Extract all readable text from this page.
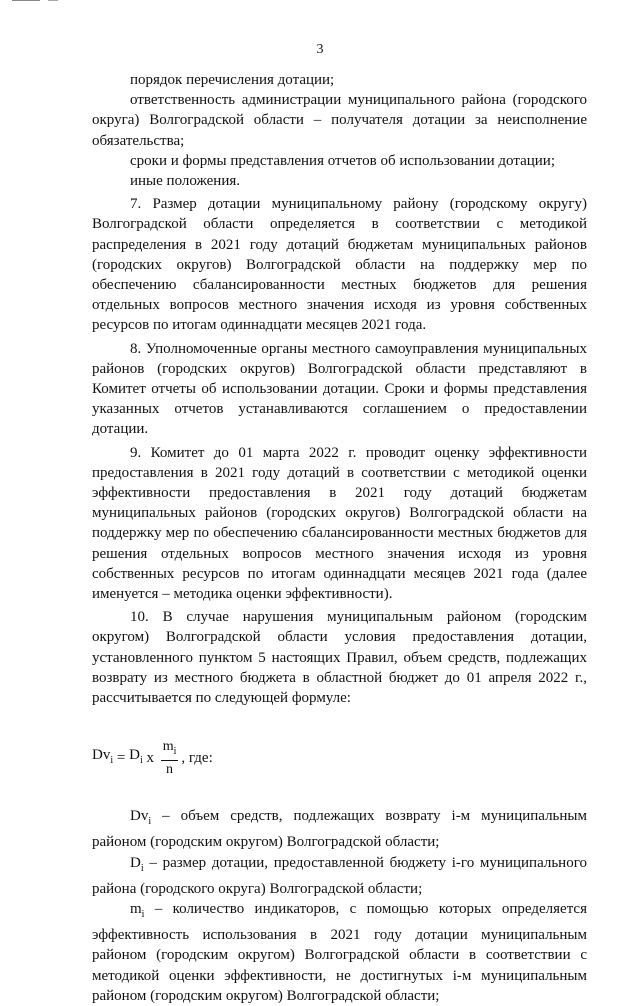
3

порядок перечисления дотации;

ответственность администрации муниципального района (городского округа) Волгоградской области – получателя дотации за неисполнение обязательства;

сроки и формы представления отчетов об использовании дотации;

иные положения.

7. Размер дотации муниципальному району (городскому округу) Волгоградской области определяется в соответствии с методикой распределения в 2021 году дотаций бюджетам муниципальных районов (городских округов) Волгоградской области на поддержку мер по обеспечению сбалансированности местных бюджетов для решения отдельных вопросов местного значения исходя из уровня собственных ресурсов по итогам одиннадцати месяцев 2021 года.

8. Уполномоченные органы местного самоуправления муниципальных районов (городских округов) Волгоградской области представляют в Комитет отчеты об использовании дотации. Сроки и формы представления указанных отчетов устанавливаются соглашением о предоставлении дотации.

9. Комитет до 01 марта 2022 г. проводит оценку эффективности предоставления в 2021 году дотаций в соответствии с методикой оценки эффективности предоставления в 2021 году дотаций бюджетам муниципальных районов (городских округов) Волгоградской области на поддержку мер по обеспечению сбалансированности местных бюджетов для решения отдельных вопросов местного значения исходя из уровня собственных ресурсов по итогам одиннадцати месяцев 2021 года (далее именуется – методика оценки эффективности).

10. В случае нарушения муниципальным районом (городским округом) Волгоградской области условия предоставления дотации, установленного пунктом 5 настоящих Правил, объем средств, подлежащих возврату из местного бюджета в областной бюджет до 01 апреля 2022 г., рассчитывается по следующей формуле:

$Dv_i = D_i$ x $\frac{m_i}{n}$ , где:

$Dv_i$ – объем средств, подлежащих возврату i-м муниципальным районом (городским округом) Волгоградской области;

$D_i$ – размер дотации, предоставленной бюджету i-го муниципального района (городского округа) Волгоградской области;

$m_i$ – количество индикаторов, с помощью которых определяется эффективность использования в 2021 году дотации муниципальным районом (городским округом) Волгоградской области в соответствии с методикой оценки эффективности, не достигнутых i-м муниципальным районом (городским округом) Волгоградской области;
